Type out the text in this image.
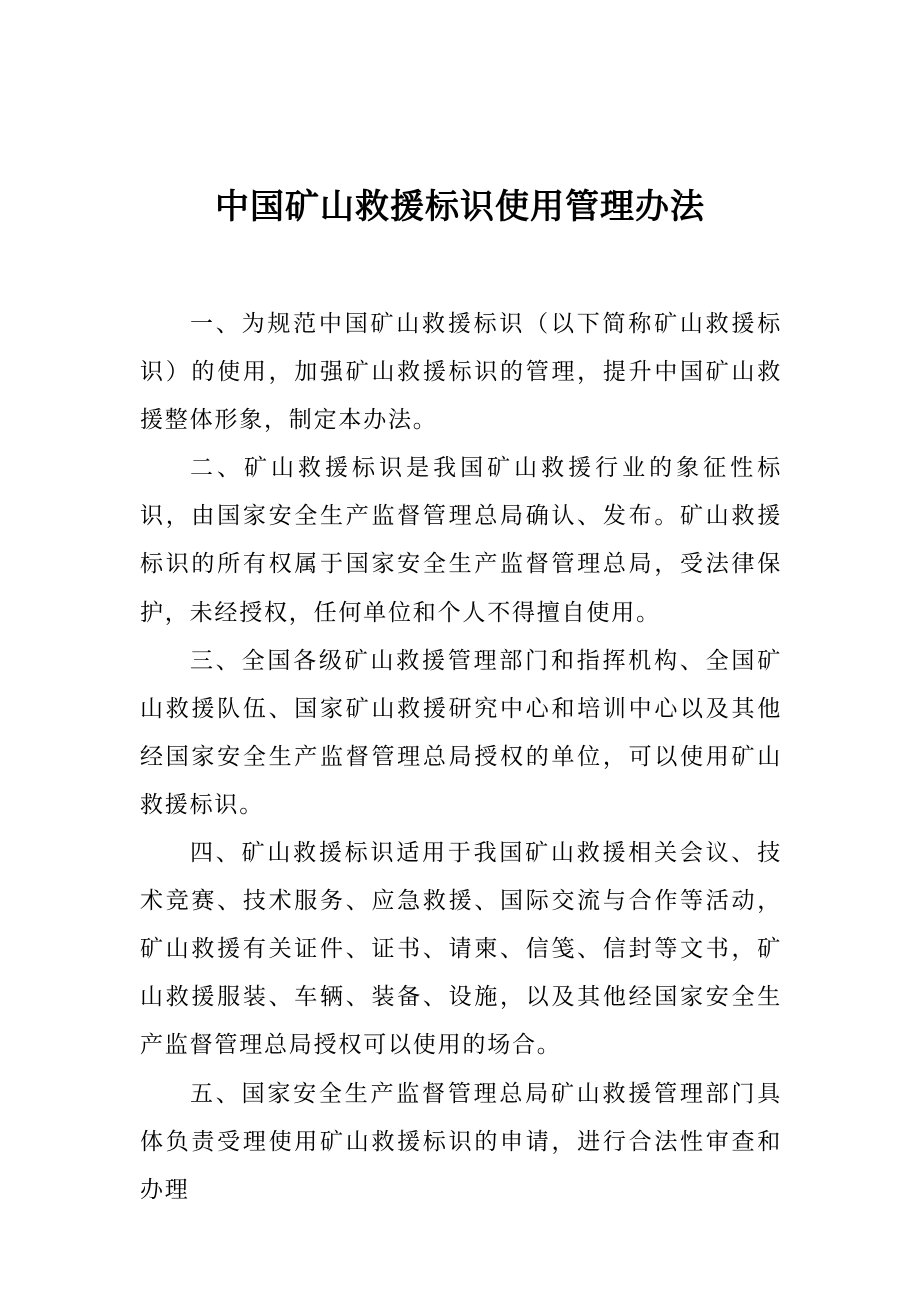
中国矿山救援标识使用管理办法

一、为规范中国矿山救援标识（以下简称矿山救援标识）的使用，加强矿山救援标识的管理，提升中国矿山救援整体形象，制定本办法。

二、矿山救援标识是我国矿山救援行业的象征性标识，由国家安全生产监督管理总局确认、发布。矿山救援标识的所有权属于国家安全生产监督管理总局，受法律保护，未经授权，任何单位和个人不得擅自使用。

三、全国各级矿山救援管理部门和指挥机构、全国矿山救援队伍、国家矿山救援研究中心和培训中心以及其他经国家安全生产监督管理总局授权的单位，可以使用矿山救援标识。

四、矿山救援标识适用于我国矿山救援相关会议、技术竞赛、技术服务、应急救援、国际交流与合作等活动，矿山救援有关证件、证书、请柬、信笺、信封等文书，矿山救援服装、车辆、装备、设施，以及其他经国家安全生产监督管理总局授权可以使用的场合。

五、国家安全生产监督管理总局矿山救援管理部门具体负责受理使用矿山救援标识的申请，进行合法性审查和办理
